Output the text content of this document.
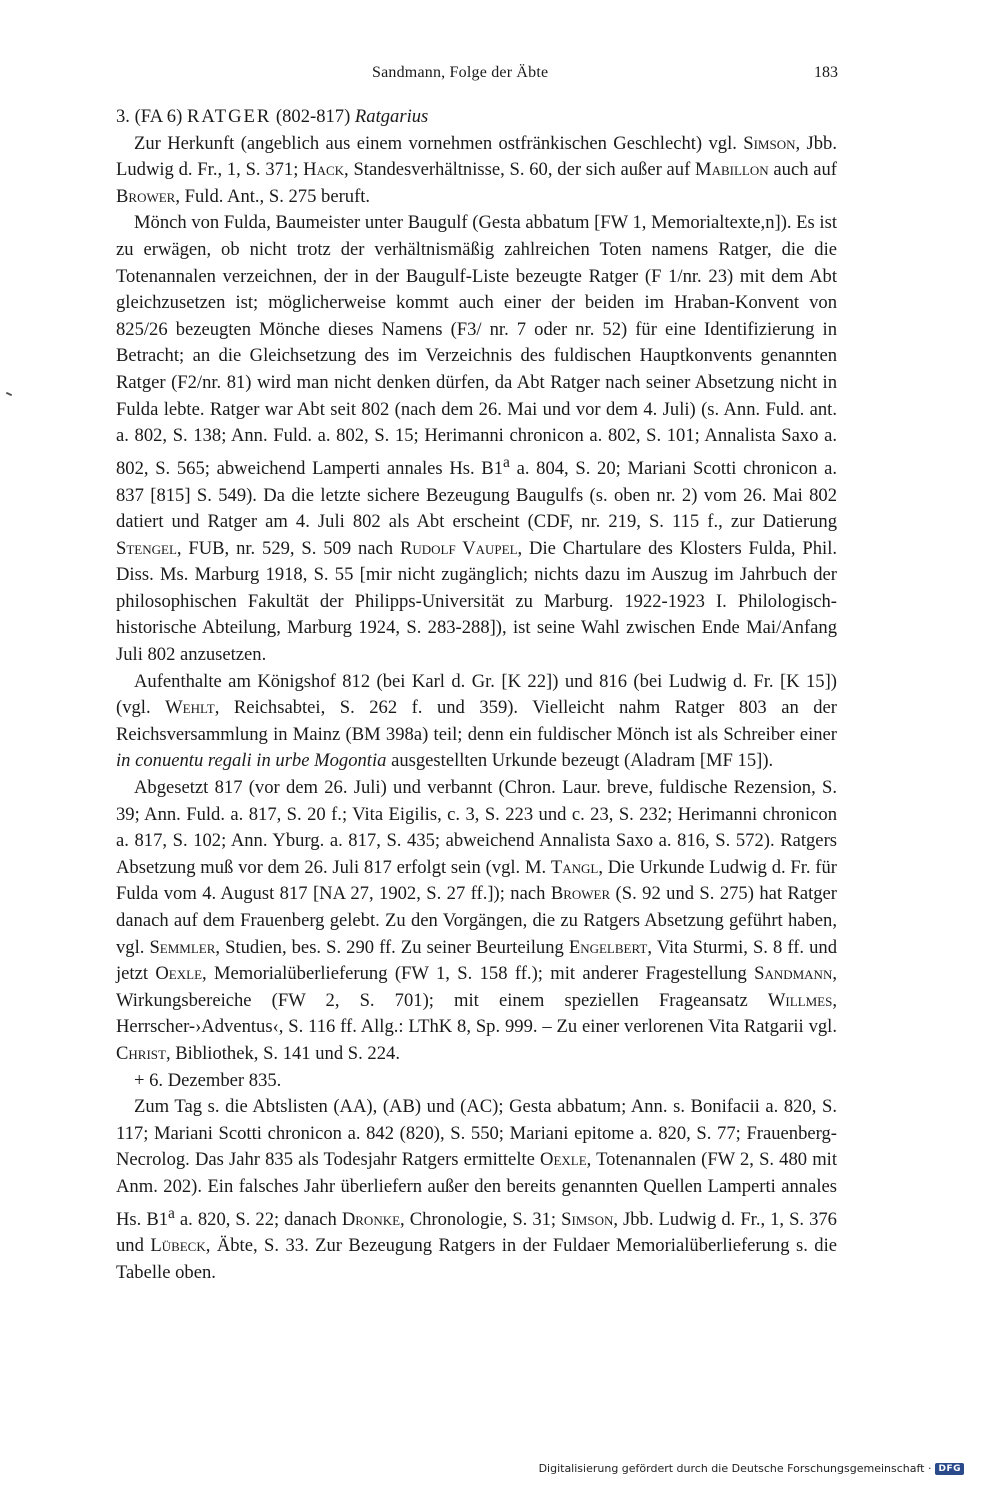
Sandmann, Folge der Äbte	183

3. (FA 6) RATGER (802-817) Ratgarius

Zur Herkunft (angeblich aus einem vornehmen ostfränkischen Geschlecht) vgl. Simson, Jbb. Ludwig d. Fr., 1, S. 371; Hack, Standesverhältnisse, S. 60, der sich außer auf Mabillon auch auf Brower, Fuld. Ant., S. 275 beruft.

Mönch von Fulda, Baumeister unter Baugulf (Gesta abbatum [FW 1, Memorialtexte,n]). Es ist zu erwägen, ob nicht trotz der verhältnismäßig zahlreichen Toten namens Ratger, die die Totenannalen verzeichnen, der in der Baugulf-Liste bezeugte Ratger (F 1/nr. 23) mit dem Abt gleichzusetzen ist; möglicherweise kommt auch einer der beiden im Hraban-Konvent von 825/26 bezeugten Mönche dieses Namens (F3/ nr. 7 oder nr. 52) für eine Identifizierung in Betracht; an die Gleichsetzung des im Verzeichnis des fuldischen Hauptkonvents genannten Ratger (F2/nr. 81) wird man nicht denken dürfen, da Abt Ratger nach seiner Absetzung nicht in Fulda lebte. Ratger war Abt seit 802 (nach dem 26. Mai und vor dem 4. Juli) (s. Ann. Fuld. ant. a. 802, S. 138; Ann. Fuld. a. 802, S. 15; Herimanni chronicon a. 802, S. 101; Annalista Saxo a. 802, S. 565; abweichend Lamperti annales Hs. B1$^a$ a. 804, S. 20; Mariani Scotti chronicon a. 837 [815] S. 549). Da die letzte sichere Bezeugung Baugulfs (s. oben nr. 2) vom 26. Mai 802 datiert und Ratger am 4. Juli 802 als Abt erscheint (CDF, nr. 219, S. 115 f., zur Datierung Stengel, FUB, nr. 529, S. 509 nach Rudolf Vaupel, Die Chartulare des Klosters Fulda, Phil. Diss. Ms. Marburg 1918, S. 55 [mir nicht zugänglich; nichts dazu im Auszug im Jahrbuch der philosophischen Fakultät der Philipps-Universität zu Marburg. 1922-1923 I. Philologisch-historische Abteilung, Marburg 1924, S. 283-288]), ist seine Wahl zwischen Ende Mai/Anfang Juli 802 anzusetzen.

Aufenthalte am Königshof 812 (bei Karl d. Gr. [K 22]) und 816 (bei Ludwig d. Fr. [K 15]) (vgl. Wehlt, Reichsabtei, S. 262 f. und 359). Vielleicht nahm Ratger 803 an der Reichsversammlung in Mainz (BM 398a) teil; denn ein fuldischer Mönch ist als Schreiber einer in conuentu regali in urbe Mogontia ausgestellten Urkunde bezeugt (Aladram [MF 15]).

Abgesetzt 817 (vor dem 26. Juli) und verbannt (Chron. Laur. breve, fuldische Rezension, S. 39; Ann. Fuld. a. 817, S. 20 f.; Vita Eigilis, c. 3, S. 223 und c. 23, S. 232; Herimanni chronicon a. 817, S. 102; Ann. Yburg. a. 817, S. 435; abweichend Annalista Saxo a. 816, S. 572). Ratgers Absetzung muß vor dem 26. Juli 817 erfolgt sein (vgl. M. Tangl, Die Urkunde Ludwig d. Fr. für Fulda vom 4. August 817 [NA 27, 1902, S. 27 ff.]); nach Brower (S. 92 und S. 275) hat Ratger danach auf dem Frauenberg gelebt. Zu den Vorgängen, die zu Ratgers Absetzung geführt haben, vgl. Semmler, Studien, bes. S. 290 ff. Zu seiner Beurteilung Engelbert, Vita Sturmi, S. 8 ff. und jetzt Oexle, Memorialüberlieferung (FW 1, S. 158 ff.); mit anderer Fragestellung Sandmann, Wirkungsbereiche (FW 2, S. 701); mit einem speziellen Frageansatz Willmes, Herrscher-›Adventus‹, S. 116 ff. Allg.: LThK 8, Sp. 999. – Zu einer verlorenen Vita Ratgarii vgl. Christ, Bibliothek, S. 141 und S. 224.

+ 6. Dezember 835.

Zum Tag s. die Abtslisten (AA), (AB) und (AC); Gesta abbatum; Ann. s. Bonifacii a. 820, S. 117; Mariani Scotti chronicon a. 842 (820), S. 550; Mariani epitome a. 820, S. 77; Frauenberg-Necrolog. Das Jahr 835 als Todesjahr Ratgers ermittelte Oexle, Totenannalen (FW 2, S. 480 mit Anm. 202). Ein falsches Jahr überliefern außer den bereits genannten Quellen Lamperti annales Hs. B1$^a$ a. 820, S. 22; danach Dronke, Chronologie, S. 31; Simson, Jbb. Ludwig d. Fr., 1, S. 376 und Lübeck, Äbte, S. 33. Zur Bezeugung Ratgers in der Fuldaer Memorialüberlieferung s. die Tabelle oben.

Digitalisierung gefördert durch die Deutsche Forschungsgemeinschaft · DFG
